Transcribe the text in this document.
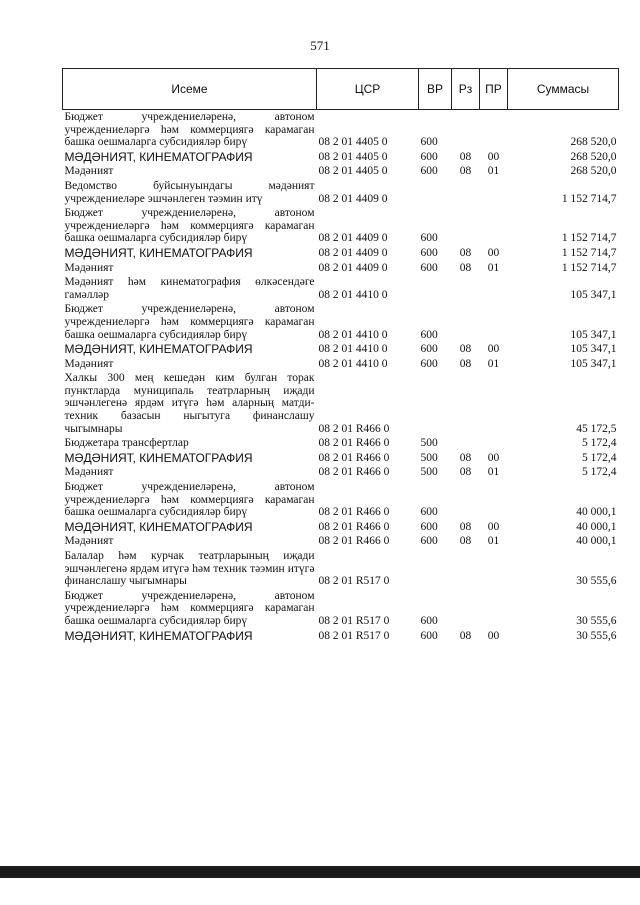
571
Исеме	ЦСР	ВР	Рз	ПР	Суммасы
Бюджет учреждениеләренә, автоном учреждениеләргә һәм коммерциягә карамаган башка оешмаларга субсидияләр бирү	08 2 01 4405 0	600			268 520,0
МӘДӘНИЯТ, КИНЕМАТОГРАФИЯ	08 2 01 4405 0	600	08	00	268 520,0
Мәдәният	08 2 01 4405 0	600	08	01	268 520,0
Ведомство буйсынуындагы мәдәният учреждениеләре эшчәнлеген тәэмин итү	08 2 01 4409 0				1 152 714,7
Бюджет учреждениеләренә, автоном учреждениеләргә һәм коммерциягә карамаган башка оешмаларга субсидияләр бирү	08 2 01 4409 0	600			1 152 714,7
МӘДӘНИЯТ, КИНЕМАТОГРАФИЯ	08 2 01 4409 0	600	08	00	1 152 714,7
Мәдәният	08 2 01 4409 0	600	08	01	1 152 714,7
Мәдәният һәм кинематография өлкәсендәге гамәлләр	08 2 01 4410 0				105 347,1
Бюджет учреждениеләренә, автоном учреждениеләргә һәм коммерциягә карамаган башка оешмаларга субсидияләр бирү	08 2 01 4410 0	600			105 347,1
МӘДӘНИЯТ, КИНЕМАТОГРАФИЯ	08 2 01 4410 0	600	08	00	105 347,1
Мәдәният	08 2 01 4410 0	600	08	01	105 347,1
Халкы 300 мең кешедән ким булган торак пунктларда муниципаль театрларның иҗади эшчәнлегенә ярдәм итүгә һәм аларның матди-техник базасын ныгытуга финанслашу чыгымнары	08 2 01 R466 0				45 172,5
Бюджетара трансфертлар	08 2 01 R466 0	500			5 172,4
МӘДӘНИЯТ, КИНЕМАТОГРАФИЯ	08 2 01 R466 0	500	08	00	5 172,4
Мәдәният	08 2 01 R466 0	500	08	01	5 172,4
Бюджет учреждениеләренә, автоном учреждениеләргә һәм коммерциягә карамаган башка оешмаларга субсидияләр бирү	08 2 01 R466 0	600			40 000,1
МӘДӘНИЯТ, КИНЕМАТОГРАФИЯ	08 2 01 R466 0	600	08	00	40 000,1
Мәдәният	08 2 01 R466 0	600	08	01	40 000,1
Балалар һәм курчак театрларының иҗади эшчәнлегенә ярдәм итүгә һәм техник тәэмин итүгә финанслашу чыгымнары	08 2 01 R517 0				30 555,6
Бюджет учреждениеләренә, автоном учреждениеләргә һәм коммерциягә карамаган башка оешмаларга субсидияләр бирү	08 2 01 R517 0	600			30 555,6
МӘДӘНИЯТ, КИНЕМАТОГРАФИЯ	08 2 01 R517 0	600	08	00	30 555,6
